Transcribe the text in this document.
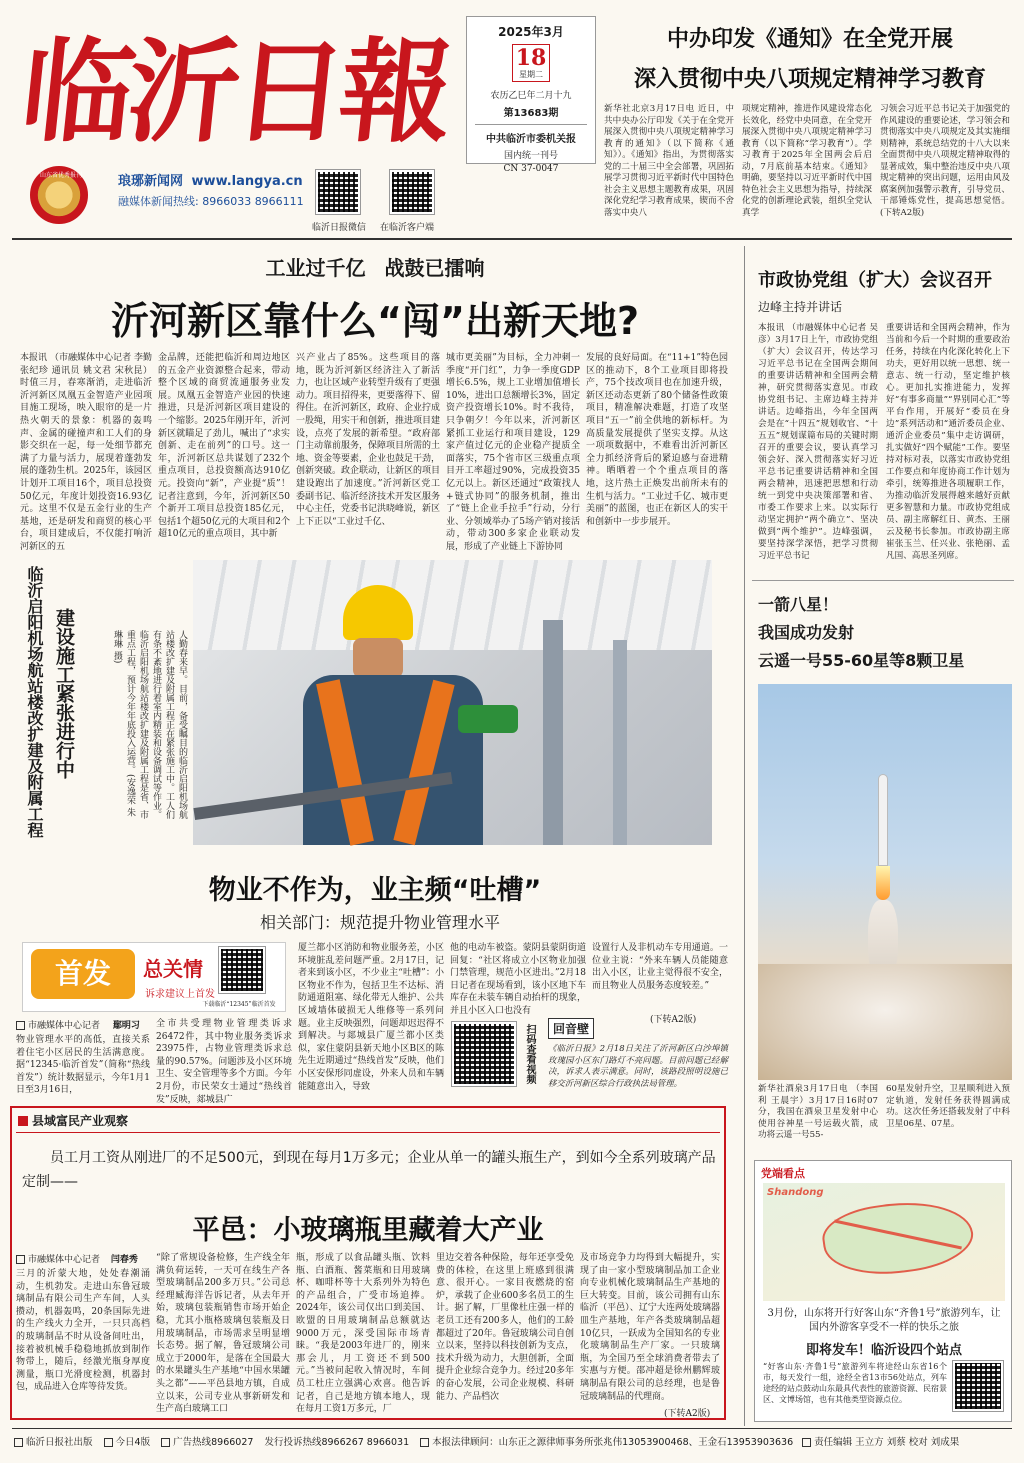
临沂日報
山东省优秀报刊	琅琊新闻网 www.langya.cn
融媒体新闻热线: 8966033 8966111
2025年3月
18
星期二
农历乙巳年二月十九
第13683期
中共临沂市委机关报
国内统一刊号
CN 37-0047
临沂日报微信 在临沂客户端
中办印发《通知》在全党开展
深入贯彻中央八项规定精神学习教育
新华社北京3月17日电 近日，中共中央办公厅印发《关于在全党开展深入贯彻中央八项规定精神学习教育的通知》（以下简称《通知》）。《通知》指出，为贯彻落实党的二十届三中全会部署，巩固拓展学习贯彻习近平新时代中国特色社会主义思想主题教育成果，巩固深化党纪学习教育成果，锲而不舍落实中央八
项规定精神，推进作风建设常态化长效化，经党中央同意，在全党开展深入贯彻中央八项规定精神学习教育（以下简称“学习教育”）。学习教育于2025年全国两会后启动，7月底前基本结束。《通知》明确，要坚持以习近平新时代中国特色社会主义思想为指导，持续深化党的创新理论武装，组织全党认真学
习领会习近平总书记关于加强党的作风建设的重要论述，学习领会和贯彻落实中央八项规定及其实施细则精神，系统总结党的十八大以来全面贯彻中央八项规定精神取得的显著成效，集中整治违反中央八项规定精神的突出问题，运用由风及腐案例加强警示教育，引导党员、干部锤炼党性，提高思想觉悟。(下转A2版)
工业过千亿 战鼓已擂响
沂河新区靠什么“闯”出新天地?
本报讯 （市融媒体中心记者 李勤 张纪珍 通讯员 姚文君 宋秋昆）时值三月，春寒渐消，走进临沂沂河新区凤凰五金智造产业园项目施工现场，映入眼帘的是一片热火朝天的景象：机器的轰鸣声、金属的碰撞声和工人们的身影交织在一起，每一处细节都充满了力量与活力，展现着蓬勃发展的蓬勃生机。2025年，该园区计划开工项目16个，项目总投资50亿元，年度计划投资16.93亿元。这里不仅是五金行业的生产基地，还是研发和商贸的核心平台，项目建成后，不仅能打响沂河新区的五
金品牌，还能把临沂和周边地区的五金产业资源整合起来，带动整个区域的商贸流通服务业发展。凤凰五金智造产业园的快速推进，只是沂河新区项目建设的一个缩影。2025年刚开年，沂河新区就瞄足了劲儿，喊出了“求实创新、走在前列”的口号。这一年，沂河新区总共谋划了232个重点项目，总投资额高达910亿元。投资向“新”，产业提“质”！记者注意到，今年，沂河新区50个新开工项目总投资185亿元，包括1个超50亿元的大项目和2个超10亿元的重点项目，其中新
兴产业占了85%。这些项目的落地，既为沂河新区经济注入了新活力，也让区域产业转型升级有了更强动力。项目招得来，更要落得下、留得住。在沂河新区，政府、企业拧成一股绳，用实干和创新，推进项目建设，点亮了发展的新希望。“政府部门主动靠前服务，保障项目所需的土地、资金等要素，企业也鼓足干劲，创新突破。政企联动，让新区的项目建设跑出了加速度。”沂河新区党工委副书记、临沂经济技术开发区服务中心主任，党委书记洪晓峰说，新区上下正以“工业过千亿、
城市更美丽”为目标，全力冲刺一季度“开门红”，力争一季度GDP增长6.5%，规上工业增加值增长10%，进出口总额增长3%，固定资产投资增长10%。时不我待，只争朝夕！今年以来，沂河新区紧抓工业运行和项目建设，129家产值过亿元的企业稳产提质全面落实，75个省市区三级重点项目开工率超过90%，完成投资35亿元以上。新区还通过“政策找人+链式协同”的服务机制，推出了“链上企业手拉手”行动，分行业、分领域举办了5场产销对接活动，带动300多家企业联动发展，形成了产业链上下游协同
发展的良好局面。在“11+1”特色园区的推动下，8个工业项目即将投产，75个技改项目也在加速升级，新区还动态更新了80个储备性政策项目，精准解决难题，打造了攻坚项目“五一”前全供地的新标杆。为高质量发展提供了坚实支撑。从这一项项数据中，不难看出沂河新区全力抓经济背后的紧迫感与奋进精神。晒晒着一个个重点项目的落地，这片热土正焕发出前所未有的生机与活力。“工业过千亿、城市更美丽”的蓝图，也正在新区人的实干和创新中一步步展开。
临沂启阳机场航站楼改扩建及附属工程 建设施工紧张进行中	人勤春来早。目前，备受瞩目的临沂启阳机场航站楼改扩建及附属工程正在紧张施工中。工人们有条不紊地进行着室内精装和设备调试等作业。临沂启阳机场航站楼改扩建及附属工程是省、市重点工程，预计今年年底投入运营。(安逸荣 朱琳琳 摄)
物业不作为，业主频“吐槽”
相关部门：规范提升物业管理水平
首发	总关情
诉求建议上首发
下载临沂“12345”临沂首发
市融媒体中心记者 鄢明习
物业管理水平的高低，直接关系着住宅小区居民的生活满意度。据“12345·临沂首发”（简称“热线首发”）统计数据显示，今年1月1日至3月16日，
全市共受理物业管理类诉求26472件，其中物业服务类诉求23975件，占物业管理类诉求总量的90.57%。问题涉及小区环境卫生、安全管理等多个方面。今年2月份，市民荣女士通过“热线首发”反映，郯城县广
厦兰都小区消防和物业服务差，小区环境脏乱差问题严重。2月17日，记者来到该小区，不少业主“吐槽”：小区物业不作为，包括卫生不达标、消防通道阻塞、绿化带无人维护、公共区域墙体破损无人维修等一系列问题。业主反映强烈，问题却迟迟得不到解决。与郯城县广厦兰都小区类似，家住蒙阴县新天地小区B区的陈先生近期通过“热线首发”反映，他们小区安保形同虚设，外来人员和车辆能随意出入，导致
他的电动车被盗。蒙阴县蒙阴街道回复：“社区将成立小区物业加强门禁管理，规范小区进出。”2月18日记者在现场看到，该小区地下车库存在未装车辆自动抬杆的现象，并且小区入口也没有
设置行人及非机动车专用通道。一位业主说：“外来车辆人员能随意出入小区，让业主觉得很不安全，而且物业人员服务态度较差。”
(下转A2版)
扫码查看视频	回音壁
《临沂日报》2月18日关注了沂河新区白沙埠镇玫瑰园小区东门路灯不亮问题。目前问题已经解决，诉求人表示满意。同时，该路段照明设施已移交沂河新区综合行政执法局管理。
县域富民产业观察
员工月工资从刚进厂的不足500元，到现在每月1万多元；企业从单一的罐头瓶生产，到如今全系列玻璃产品定制——
平邑：小玻璃瓶里藏着大产业
市融媒体中心记者 闫春秀
三月的沂蒙大地，处处春潮涌动，生机勃发。走进山东鲁冠玻璃制品有限公司生产车间，人头攒动，机器轰鸣，20条国际先进的生产线火力全开，一只只高档的玻璃制品不时从设备间吐出，接着被机械手稳稳地抓放到制作物带上，随后，经激光瓶身厚度测量，瓶口光滑度检测，机器封包，成品进入仓库等待发货。
“除了常规设备检修，生产线全年满负荷运转，一天可在线生产各型玻璃制品200多万只。”公司总经理臧海洋告诉记者，从去年开始，玻璃包装瓶销售市场开始企稳，尤其小瓶格玻璃包装瓶及日用玻璃制品，市场需求呈明显增长态势。据了解，鲁冠玻璃公司成立于2000年，是落在全国最大的水果罐头生产基地“中国水果罐头之都”——平邑县地方镇，自成立以来，公司专业从事新研发和生产高白玻璃工口
瓶，形成了以食品罐头瓶、饮料瓶、白酒瓶、酱菜瓶和日用玻璃杯、咖啡杯等十大系列外为特色的产品组合，广受市场追捧。2024年，该公司仅出口到美国、欧盟的日用玻璃制品总额就达9000万元，深受国际市场青睐。“我是2003年进厂的，刚来那会儿，月工资还不到500元。”当被问起收入情况时，车间员工杜庄立强满心欢喜。他告诉记者，自己是地方镇本地人，现在每月工资1万多元，厂
里边交着各种保险，每年还享受免费的体检，在这里上班感到很满意、很开心。一家目夜燃烧的窑炉，承载了企业600多名员工的生计。据了解，厂里像杜庄强一样的老员工还有200多人，他们的工龄都超过了20年。鲁冠玻璃公司自创立以来，坚持以科技创新为支点，技术升级为动力，大胆创新，全面提升企业综合竞争力。经过20多年的奋心发展，公司企业规模、科研能力、产品档次
及市场竞争力均得到大幅提升，实现了由一家小型玻璃制品加工企业向专业机械化玻璃制品生产基地的巨大转变。目前，该公司拥有山东临沂（平邑）、辽宁大连两处玻璃器皿生产基地，年产各类玻璃制品超10亿只，一跃成为全国知名的专业化玻璃制品生产厂家。一只玻璃瓶，为全国乃至全球消费者带去了实惠与方便。邵冲超是徐州鹏辉玻璃制品有限公司的总经理，也是鲁冠玻璃制品的代理商。
(下转A2版)
市政协党组（扩大）会议召开
边峰主持并讲话
本报讯 （市融媒体中心记者 吴彦）3月17日上午，市政协党组（扩大）会议召开，传达学习习近平总书记在全国两会期间的重要讲话精神和全国两会精神，研究贯彻落实意见。市政协党组书记、主席边峰主持并讲话。边峰指出，今年全国两会是在“十四五”规划收官、“十五五”规划谋篇布局的关键时期召开的重要会议，要认真学习领会好、深入贯彻落实好习近平总书记重要讲话精神和全国两会精神，迅速把思想和行动统一到党中央决策部署和省、市委工作要求上来。以实际行动坚定拥护“两个确立”、坚决做到“两个维护”。边峰强调，要坚持深学深悟，把学习贯彻习近平总书记
重要讲话和全国两会精神，作为当前和今后一个时期的重要政治任务，持续在内化深化转化上下功夫，更好用以统一思想、统一意志、统一行动，坚定维护核心。更加扎实推进能力，发挥好“有事多商量”“界别同心汇”等平台作用，开展好“委员在身边”系列活动和“通沂委员企业、通沂企业委员”集中走访调研，扎实做好“四个赋能”工作。要坚持对标对表，以落实市政协党组工作要点和年度协商工作计划为牵引，统筹推进各项履职工作，为推动临沂发展得越来越好贡献更多智慧和力量。市政协党组成员、副主席解红日、黄杰、王丽云及秘书长参加。市政协副主席崔张玉兰、任兴业、张艳丽、孟凡国、高思圣列席。
一箭八星！
我国成功发射
云遥一号55-60星等8颗卫星
新华社酒泉3月17日电 （李国利 王晨宇）3月17日16时07分，我国在酒泉卫星发射中心使用谷神星一号运载火箭，成功将云遥一号55-
60星发射升空，卫星顺利进入预定轨道，发射任务获得圆满成功。这次任务还搭载发射了中科卫星06星、07星。
党端看点
Shandong
3月份，山东将开行好客山东“齐鲁1号”旅游列车，让国内外游客享受不一样的快乐之旅
即将发车！临沂设四个站点
“好客山东·齐鲁1号”旅游列车将途经山东省16个市，每天发行一组，途经全省13市56处站点，列车途经的站点鼓动山东最具代表性的旅游资源、民宿景区、文博场馆，也有其他类型资源点位。
临沂日报社出版 今日4版 广告热线8966027 发行投诉热线8966267 8966031 本报法律顾问：山东正之源律师事务所张兆伟13053900468、王金石13953903636 责任编辑 王立方 刘蔡 校对 刘成果
